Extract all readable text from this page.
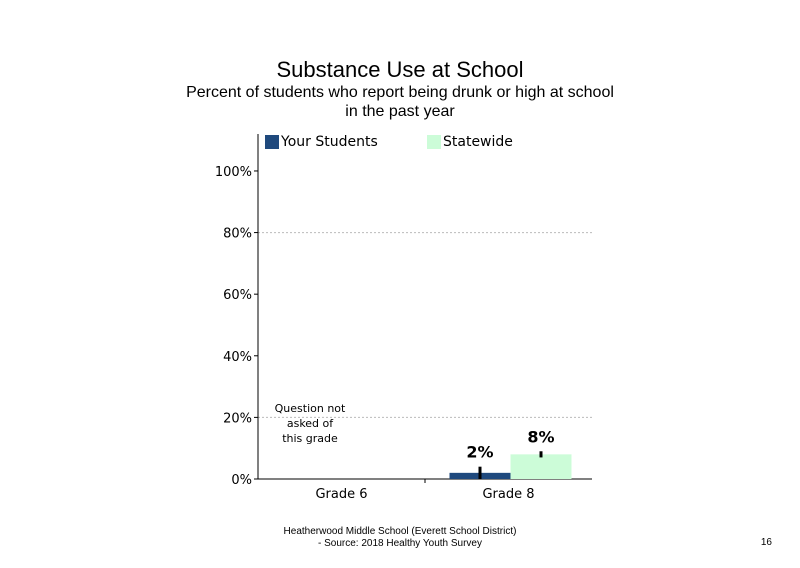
Substance Use at School
Percent of students who report being drunk or high at school
in the past year
Your Students	Statewide
0%
20%
40%
60%
80%
100%
Grade 6	Grade 8
2%
8%
Question not
asked of
this grade
Heatherwood Middle School (Everett School District)
- Source: 2018 Healthy Youth Survey	16
